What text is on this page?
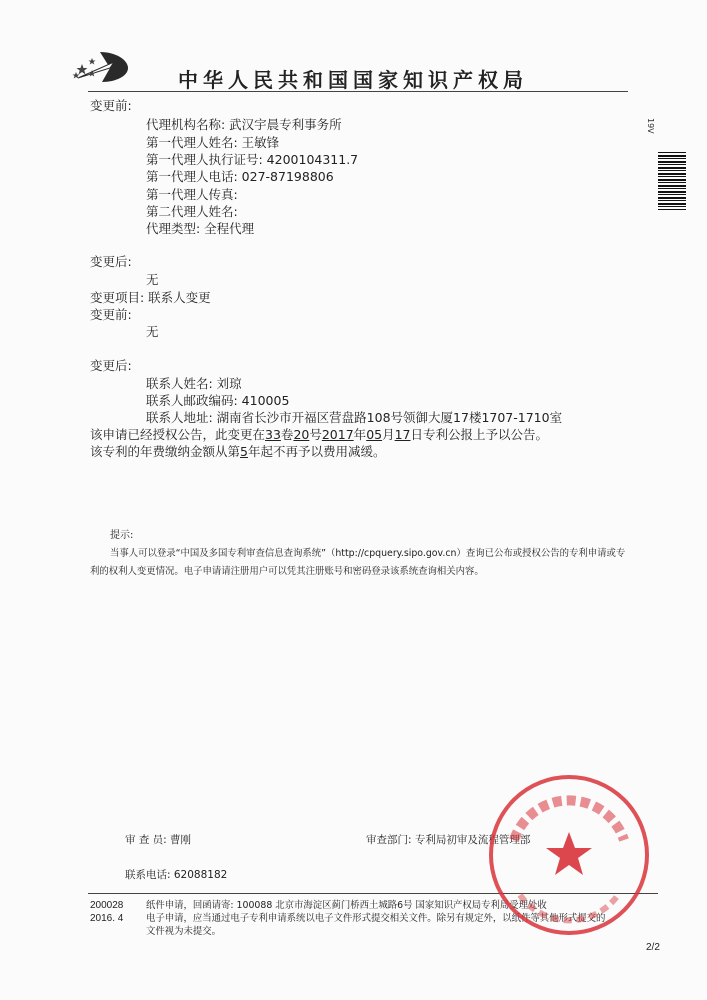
中华人民共和国国家知识产权局
19V
变更前:
代理机构名称: 武汉宇晨专利事务所
第一代理人姓名: 王敏锋
第一代理人执行证号: 4200104311.7
第一代理人电话: 027-87198806
第一代理人传真:
第二代理人姓名:
代理类型: 全程代理
变更后:
无
变更项目: 联系人变更
变更前:
无
变更后:
联系人姓名: 刘琼
联系人邮政编码: 410005
联系人地址: 湖南省长沙市开福区营盘路108号领御大厦17楼1707-1710室
该申请已经授权公告，此变更在33卷20号2017年05月17日专利公报上予以公告。
该专利的年费缴纳金额从第5年起不再予以费用减缓。
提示:
当事人可以登录“中国及多国专利审查信息查询系统”（http://cpquery.sipo.gov.cn）查询已公布或授权公告的专利申请或专
利的权利人变更情况。电子申请请注册用户可以凭其注册账号和密码登录该系统查询相关内容。
审 查 员: 曹刚	审查部门: 专利局初审及流程管理部
联系电话: 62088182
200028
2016. 4
纸件申请，回函请寄: 100088 北京市海淀区蓟门桥西土城路6号 国家知识产权局专利局受理处收
电子申请，应当通过电子专利申请系统以电子文件形式提交相关文件。除另有规定外，以纸件等其他形式提交的
文件视为未提交。
2/2
